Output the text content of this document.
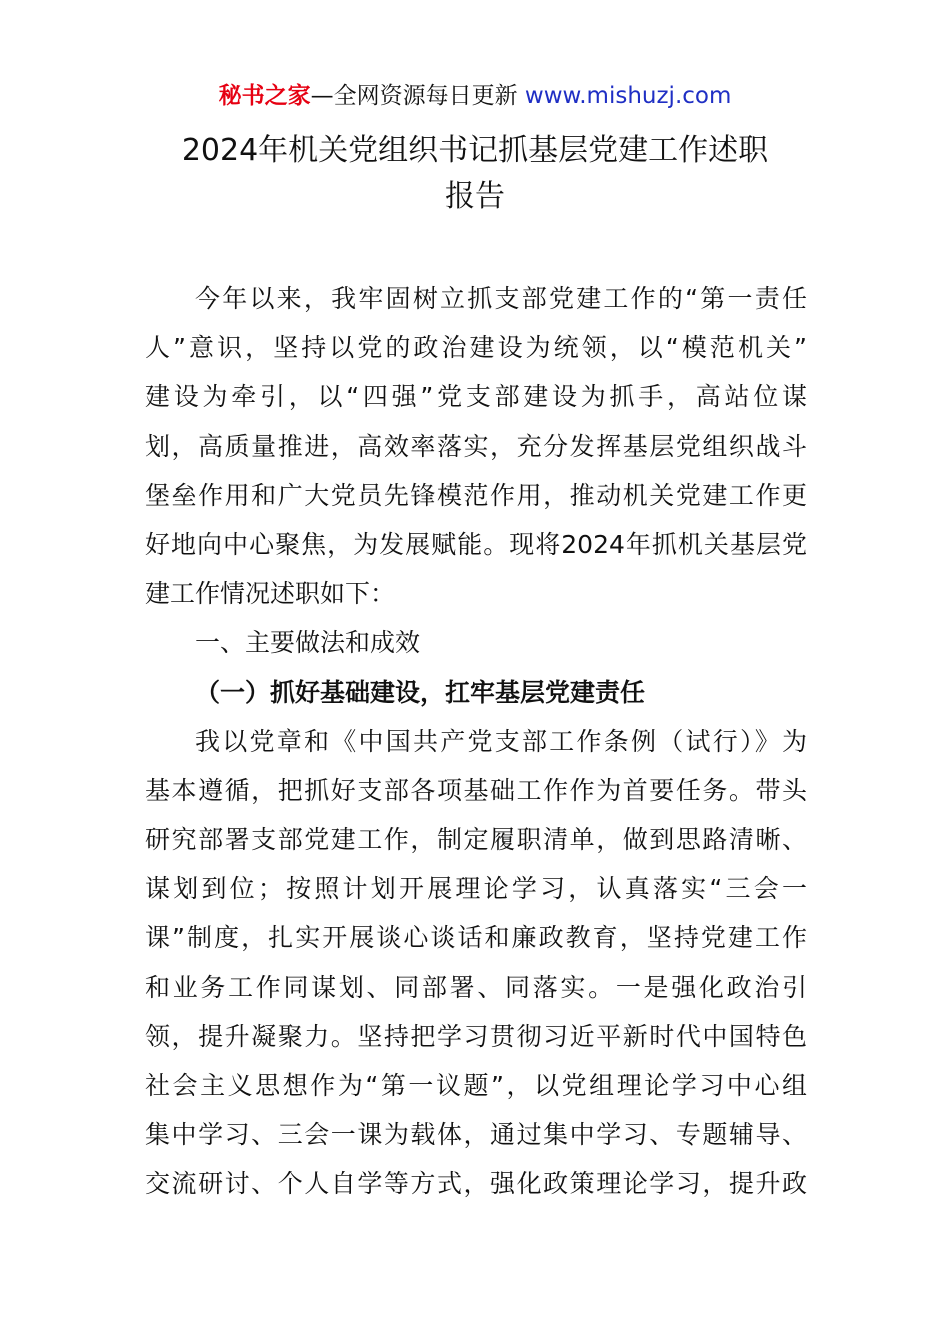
秘书之家—全网资源每日更新 www.mishuzj.com
2024年机关党组织书记抓基层党建工作述职
报告
今年以来，我牢固树立抓支部党建工作的“第一责任
人”意识，坚持以党的政治建设为统领，以“模范机关”
建设为牵引，以“四强”党支部建设为抓手，高站位谋
划，高质量推进，高效率落实，充分发挥基层党组织战斗
堡垒作用和广大党员先锋模范作用，推动机关党建工作更
好地向中心聚焦，为发展赋能。现将2024年抓机关基层党
建工作情况述职如下：
一、主要做法和成效
（一）抓好基础建设，扛牢基层党建责任
我以党章和《中国共产党支部工作条例（试行）》为
基本遵循，把抓好支部各项基础工作作为首要任务。带头
研究部署支部党建工作，制定履职清单，做到思路清晰、
谋划到位；按照计划开展理论学习，认真落实“三会一
课”制度，扎实开展谈心谈话和廉政教育，坚持党建工作
和业务工作同谋划、同部署、同落实。一是强化政治引
领，提升凝聚力。坚持把学习贯彻习近平新时代中国特色
社会主义思想作为“第一议题”，以党组理论学习中心组
集中学习、三会一课为载体，通过集中学习、专题辅导、
交流研讨、个人自学等方式，强化政策理论学习，提升政
